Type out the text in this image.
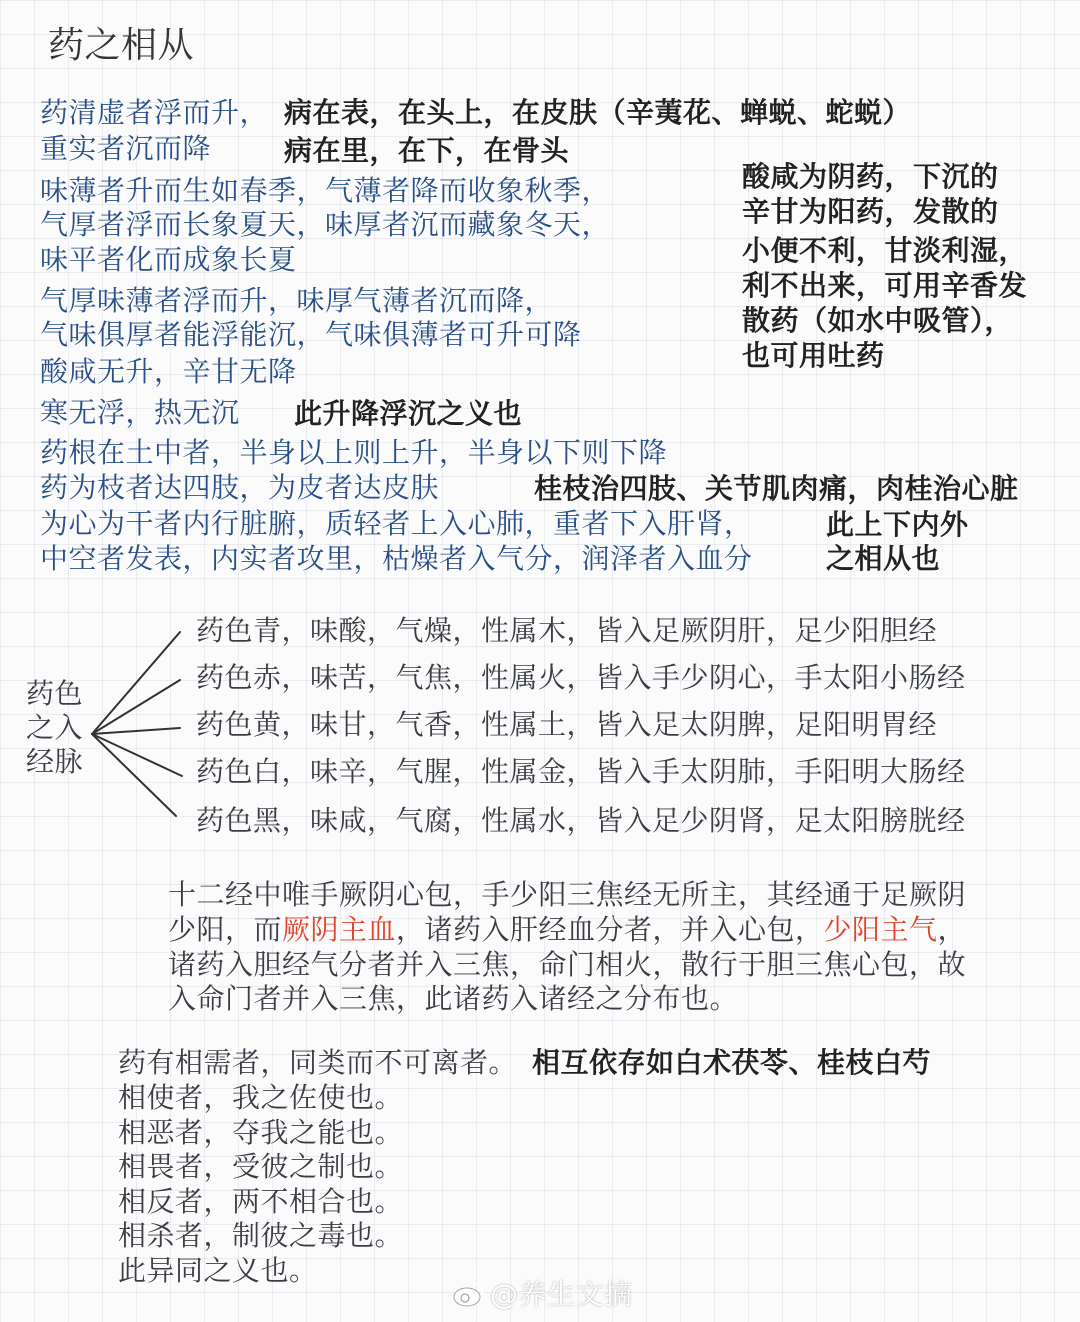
药之相从
药清虚者浮而升， 病在表，在头上，在皮肤（辛荑花、蝉蜕、蛇蜕）
重实者沉而降	病在里，在下，在骨头
味薄者升而生如春季，气薄者降而收象秋季，
气厚者浮而长象夏天，味厚者沉而藏象冬天，
味平者化而成象长夏
气厚味薄者浮而升，味厚气薄者沉而降，
气味俱厚者能浮能沉，气味俱薄者可升可降
酸咸无升，辛甘无降
寒无浮，热无沉 此升降浮沉之义也
药根在土中者，半身以上则上升，半身以下则下降
药为枝者达四肢，为皮者达皮肤	桂枝治四肢、关节肌肉痛，肉桂治心脏
为心为干者内行脏腑，质轻者上入心肺，重者下入肝肾，	此上下内外
中空者发表，内实者攻里，枯燥者入气分，润泽者入血分	之相从也
酸咸为阴药，下沉的
辛甘为阳药，发散的
小便不利，甘淡利湿，
利不出来，可用辛香发
散药（如水中吸管），
也可用吐药
药色
之入
经脉
药色青，味酸，气燥，性属木，皆入足厥阴肝，足少阳胆经
药色赤，味苦，气焦，性属火，皆入手少阴心，手太阳小肠经
药色黄，味甘，气香，性属土，皆入足太阴脾，足阳明胃经
药色白，味辛，气腥，性属金，皆入手太阴肺，手阳明大肠经
药色黑，味咸，气腐，性属水，皆入足少阴肾，足太阳膀胱经
十二经中唯手厥阴心包，手少阳三焦经无所主，其经通于足厥阴
少阳，而厥阴主血，诸药入肝经血分者，并入心包，少阳主气，
诸药入胆经气分者并入三焦，命门相火，散行于胆三焦心包，故
入命门者并入三焦，此诸药入诸经之分布也。
药有相需者，同类而不可离者。 相互依存如白术茯苓、桂枝白芍
相使者，我之佐使也。
相恶者，夺我之能也。
相畏者，受彼之制也。
相反者，两不相合也。
相杀者，制彼之毒也。
此异同之义也。
@养生文摘
